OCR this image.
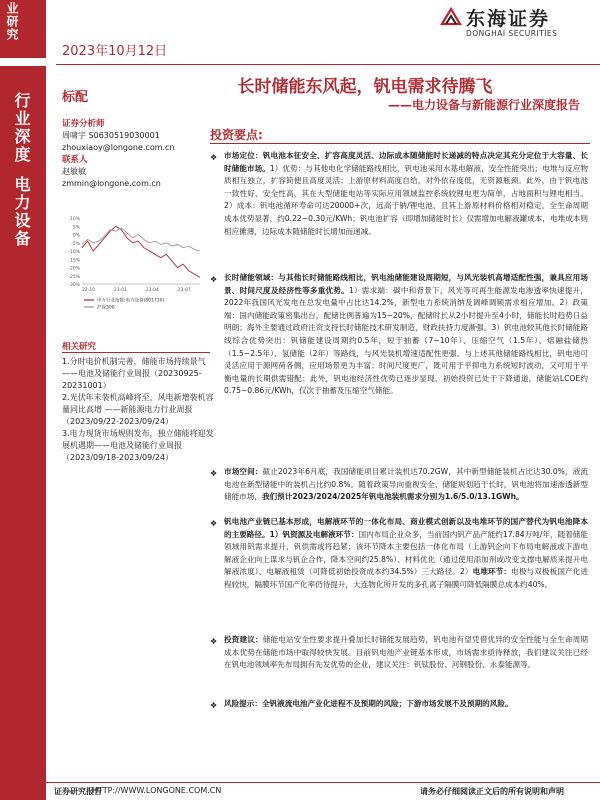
业研究	东海证券
DONGHAI SECURITIES
2023年10月12日
行业深度
电力设备
标配
证券分析师
周啸宇 S0630519030001
zhouxiaoy@longone.com.cn
联系人
赵敏敏
zmmin@longone.com.cn
10%
5%
0%
-5%
-10%
-15%
-20%
-25%
-30%
22-10	23-01	23-04	23-07
申万行业指数:电力设备(801730)
沪深300
相关研究
1.分时电价机制完善，储能市场持续景气——电池及储能行业周报（20230925-20231001）
2.光伏年末装机高峰将至，风电新增装机容量同比高增 ——新能源电力行业周报（2023/09/22-2023/09/24）
3.电力现货市场规则发布，独立储能将迎发展机遇期——电池及储能行业周报（2023/09/18-2023/09/24）
长时储能东风起，钒电需求待腾飞
——电力设备与新能源行业深度报告
投资要点:
❖ 市场定位：钒电池本征安全、扩容高度灵活、边际成本随储能时长递减的特点决定其充分定位于大容量、长时储能市场。1）优势：与其他电化学储能路线相比，钒电池采用水基电解液，安全性能突出；电堆与反应物质相互独立，扩容简便且高度灵活；上游原材料高度自给，对外依存度低，无资源瓶颈。此外，由于钒电池一致性好、安全性高，其在大型储能电站等实际应用领域监控系统较锂电更为简单，占地面积与锂电相当。2）成本：钒电池循环寿命可达20000+次，远高于钠/锂电池，且其上游原材料价格相对稳定，全生命周期成本优势显著，约0.22~0.30元/KWh；钒电池扩容（即增加储能时长）仅需增加电解液罐成本，电堆成本则相应摊薄，边际成本随储能时长增加而递减。
❖ 长时储能领域：与其他长时储能路线相比，钒电池储能建设周期短，与风光装机高增适配性强，兼具应用场景、时间尺度及经济性等多重优势。1）需求端：碳中和背景下，风光等可再生能源发电渗透率快速提升，2022年我国风光发电在总发电量中占比达14.2%，新型电力系统消纳及调峰调频需求相应增加。2）政策端：国内储能政策密集出台，配储比例普遍为15~20%，配储时长从2小时提升至4小时，储能长时趋势日益明朗；海外主要通过政府注资支持长时储能技术研发制造，财政扶持力度渐强。3）钒电池较其他长时储能路线综合优势突出：钒储能建设周期约0.5年，短于抽蓄（7~10年）、压缩空气（1.5年）、熔融盐储热（1.5~2.5年）、氢储能（2年）等路线，与风光装机增速适配性更强。与上述其他储能路线相比，钒电池可灵活应用于源网荷各侧，应用场景更为丰富；时间尺度更广，既可用于平抑电力系统短时波动，又可用于平衡电量的长期供需错配；此外，钒电池经济性优势已逐步显现，初始投资已处于下降通道，储能站LCOE约0.75~0.86元/KWh，仅次于抽蓄及压缩空气储能。
❖ 市场空间：截止2023年6月底，我国储能项目累计装机达70.2GW，其中新型储能装机占比达30.0%，液流电池在新型储能中的装机占比约0.8%。随着政策导向重视安全、储能规划趋于长时，钒电池将加速渗透新型储能市场，我们预计2023/2024/2025年钒电池装机需求分别为1.6/5.0/13.1GWh。
❖ 钒电池产业链已基本形成，电解液环节的一体化布局、商业模式创新以及电堆环节的国产替代为钒电池降本的主要路径。1）钒资源及电解液环节：国内布局企业众多，当前国内钒产品产能约17.84万吨/年，随着储能领域用钒需求提升，钒供需或将趋紧；该环节降本主要包括一体化布局（上游钒企向下布局电解液或下游电解液企业向上谋求与钒企合作，降本空间约25.8%）、材料优化（通过使用添加剂或改变支撑电解质来提升电解液浓度）、电解液租赁（可降低初始投资成本约34.5%）三大路径。2）电堆环节：电极与双极板国产化进程较快，隔膜环节国产化率仍待提升，大连物化所开发的多孔离子隔膜可降低隔膜总成本约40%。
❖ 投资建议：储能电站安全性要求提升叠加长时储能发展趋势，钒电池有望凭借优异的安全性能与全生命周期成本优势在储能市场中取得较快发展。目前钒电池产业链基本形成，市场需求亟待释放，我们建议关注已经在钒电池领域率先布局拥有先发优势的企业，建议关注：钒钛股份、河钢股份、永泰能源等。
❖ 风险提示：全钒液流电池产业化进程不及预期的风险；下游市场发展不及预期的风险。
证券研究报告
HTTP://WWW.LONGONE.COM.CN	请务必仔细阅读正文后的所有说明和声明
